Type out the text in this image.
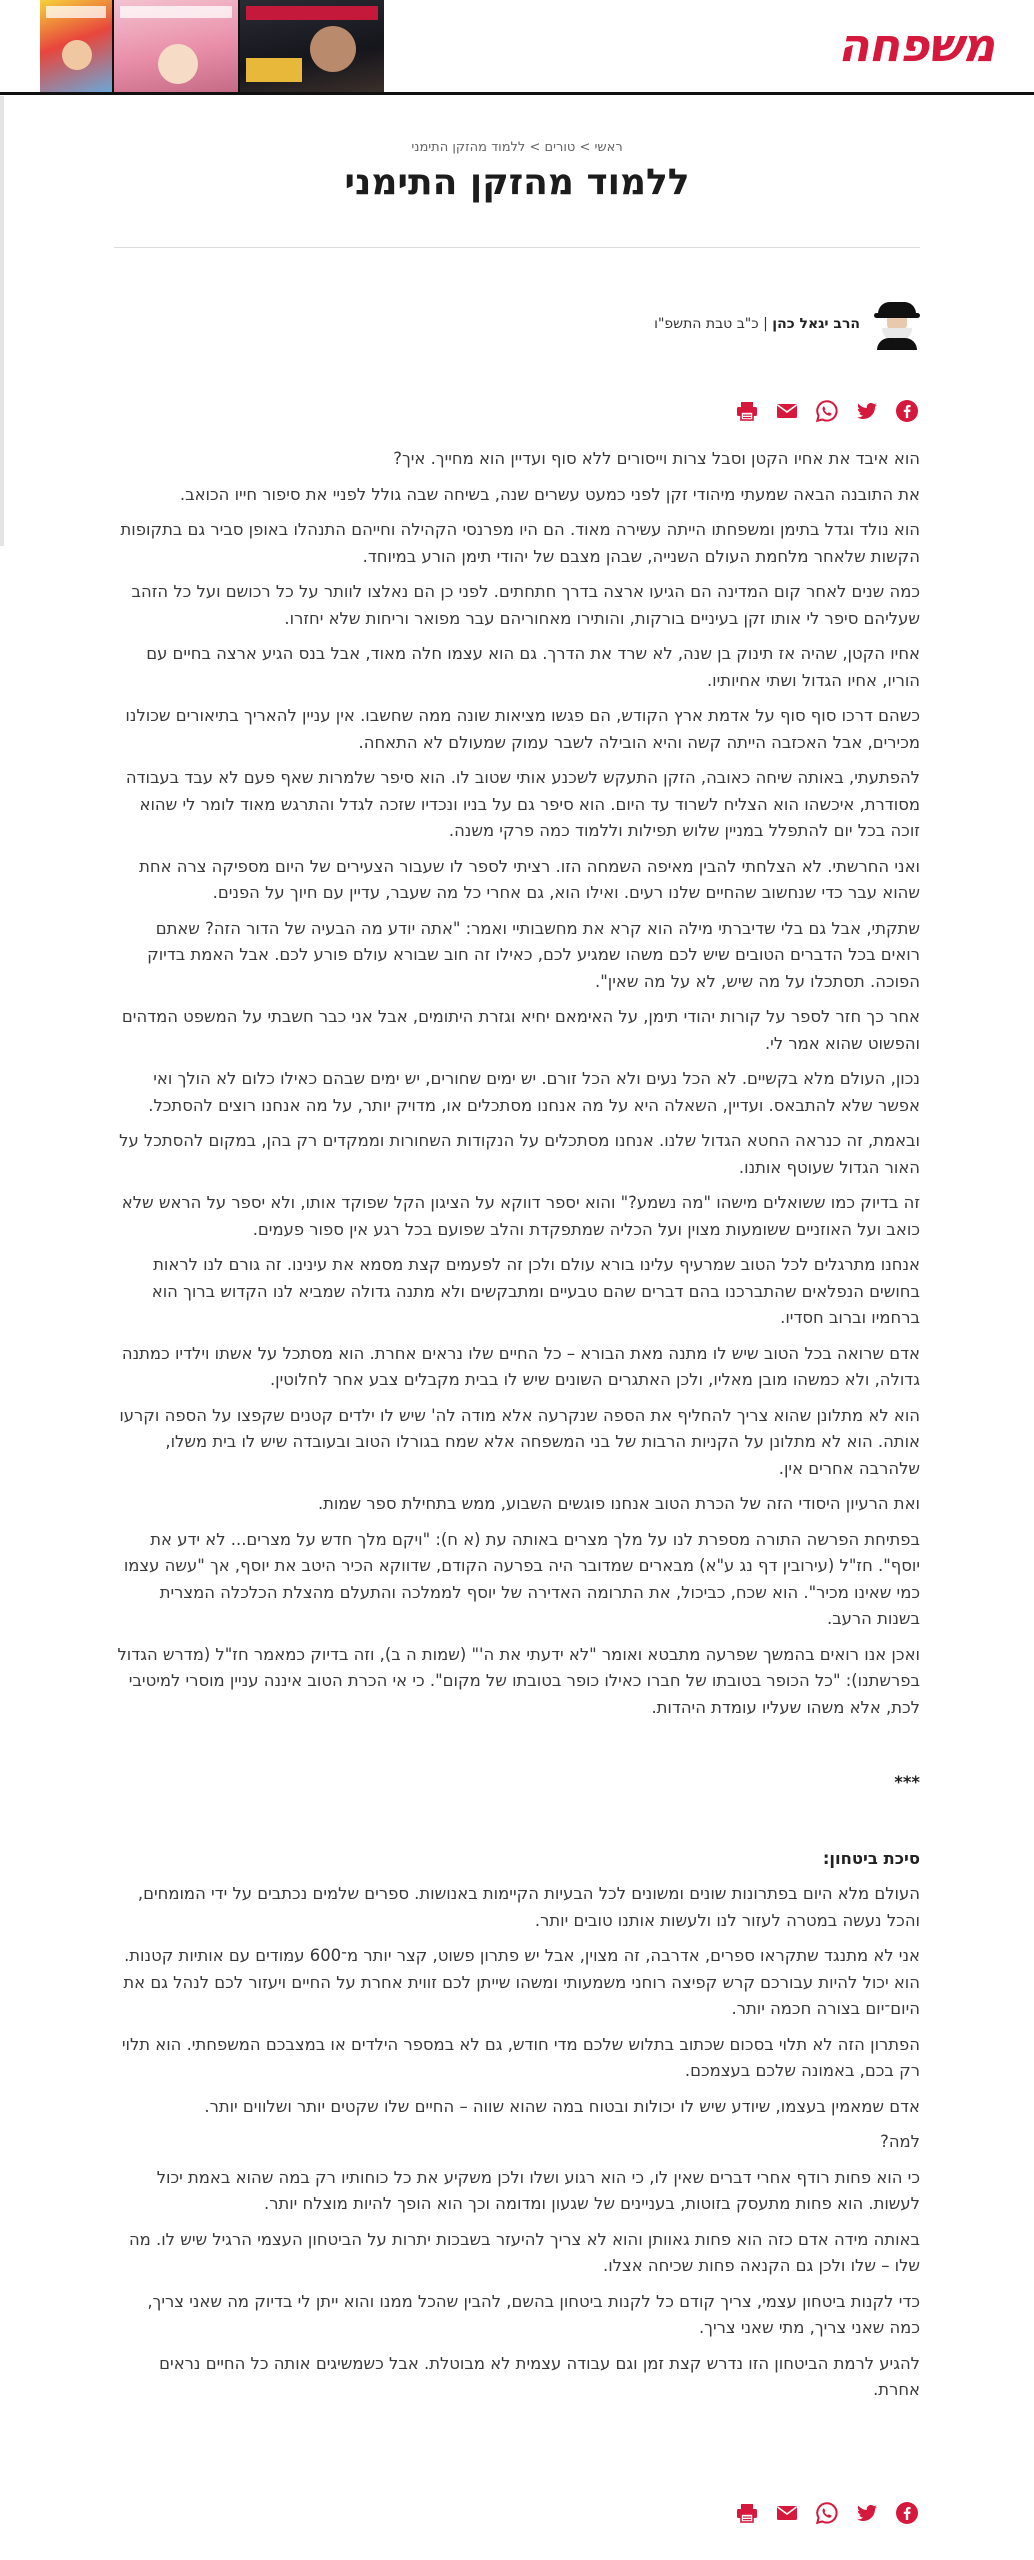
משפחה
ראשי > טורים > ללמוד מהזקן התימני
ללמוד מהזקן התימני
הרב יגאל כהן | כ"ב טבת התשפ"ו

הוא איבד את אחיו הקטן וסבל צרות וייסורים ללא סוף ועדיין הוא מחייך. איך?

את התובנה הבאה שמעתי מיהודי זקן לפני כמעט עשרים שנה, בשיחה שבה גולל לפניי את סיפור חייו הכואב.

הוא נולד וגדל בתימן ומשפחתו הייתה עשירה מאוד. הם היו מפרנסי הקהילה וחייהם התנהלו באופן סביר גם בתקופות הקשות שלאחר מלחמת העולם השנייה, שבהן מצבם של יהודי תימן הורע במיוחד.

כמה שנים לאחר קום המדינה הם הגיעו ארצה בדרך חתחתים. לפני כן הם נאלצו לוותר על כל רכושם ועל כל הזהב שעליהם סיפר לי אותו זקן בעיניים בורקות, והותירו מאחוריהם עבר מפואר וריחות שלא יחזרו.

אחיו הקטן, שהיה אז תינוק בן שנה, לא שרד את הדרך. גם הוא עצמו חלה מאוד, אבל בנס הגיע ארצה בחיים עם הוריו, אחיו הגדול ושתי אחיותיו.

כשהם דרכו סוף סוף על אדמת ארץ הקודש, הם פגשו מציאות שונה ממה שחשבו. אין עניין להאריך בתיאורים שכולנו מכירים, אבל האכזבה הייתה קשה והיא הובילה לשבר עמוק שמעולם לא התאחה.

להפתעתי, באותה שיחה כאובה, הזקן התעקש לשכנע אותי שטוב לו. הוא סיפר שלמרות שאף פעם לא עבד בעבודה מסודרת, איכשהו הוא הצליח לשרוד עד היום. הוא סיפר גם על בניו ונכדיו שזכה לגדל והתרגש מאוד לומר לי שהוא זוכה בכל יום להתפלל במניין שלוש תפילות וללמוד כמה פרקי משנה.

ואני החרשתי. לא הצלחתי להבין מאיפה השמחה הזו. רציתי לספר לו שעבור הצעירים של היום מספיקה צרה אחת שהוא עבר כדי שנחשוב שהחיים שלנו רעים. ואילו הוא, גם אחרי כל מה שעבר, עדיין עם חיוך על הפנים.

שתקתי, אבל גם בלי שדיברתי מילה הוא קרא את מחשבותיי ואמר: "אתה יודע מה הבעיה של הדור הזה? שאתם רואים בכל הדברים הטובים שיש לכם משהו שמגיע לכם, כאילו זה חוב שבורא עולם פורע לכם. אבל האמת בדיוק הפוכה. תסתכלו על מה שיש, לא על מה שאין".

אחר כך חזר לספר על קורות יהודי תימן, על האימאם יחיא וגזרת היתומים, אבל אני כבר חשבתי על המשפט המדהים והפשוט שהוא אמר לי.

נכון, העולם מלא בקשיים. לא הכל נעים ולא הכל זורם. יש ימים שחורים, יש ימים שבהם כאילו כלום לא הולך ואי אפשר שלא להתבאס. ועדיין, השאלה היא על מה אנחנו מסתכלים או, מדויק יותר, על מה אנחנו רוצים להסתכל.

ובאמת, זה כנראה החטא הגדול שלנו. אנחנו מסתכלים על הנקודות השחורות וממקדים רק בהן, במקום להסתכל על האור הגדול שעוטף אותנו.

זה בדיוק כמו ששואלים מישהו "מה נשמע?" והוא יספר דווקא על הציגון הקל שפוקד אותו, ולא יספר על הראש שלא כואב ועל האוזניים ששומעות מצוין ועל הכליה שמתפקדת והלב שפועם בכל רגע אין ספור פעמים.

אנחנו מתרגלים לכל הטוב שמרעיף עלינו בורא עולם ולכן זה לפעמים קצת מסמא את עינינו. זה גורם לנו לראות בחושים הנפלאים שהתברכנו בהם דברים שהם טבעיים ומתבקשים ולא מתנה גדולה שמביא לנו הקדוש ברוך הוא ברחמיו וברוב חסדיו.

אדם שרואה בכל הטוב שיש לו מתנה מאת הבורא – כל החיים שלו נראים אחרת. הוא מסתכל על אשתו וילדיו כמתנה גדולה, ולא כמשהו מובן מאליו, ולכן האתגרים השונים שיש לו בבית מקבלים צבע אחר לחלוטין.

הוא לא מתלונן שהוא צריך להחליף את הספה שנקרעה אלא מודה לה' שיש לו ילדים קטנים שקפצו על הספה וקרעו אותה. הוא לא מתלונן על הקניות הרבות של בני המשפחה אלא שמח בגורלו הטוב ובעובדה שיש לו בית משלו, שלהרבה אחרים אין.

ואת הרעיון היסודי הזה של הכרת הטוב אנחנו פוגשים השבוע, ממש בתחילת ספר שמות.

בפתיחת הפרשה התורה מספרת לנו על מלך מצרים באותה עת (א ח): "ויקם מלך חדש על מצרים... לא ידע את יוסף". חז"ל (עירובין דף נג ע"א) מבארים שמדובר היה בפרעה הקודם, שדווקא הכיר היטב את יוסף, אך "עשה עצמו כמי שאינו מכיר". הוא שכח, כביכול, את התרומה האדירה של יוסף לממלכה והתעלם מהצלת הכלכלה המצרית בשנות הרעב.

ואכן אנו רואים בהמשך שפרעה מתבטא ואומר "לא ידעתי את ה'" (שמות ה ב), וזה בדיוק כמאמר חז"ל (מדרש הגדול בפרשתנו): "כל הכופר בטובתו של חברו כאילו כופר בטובתו של מקום". כי אי הכרת הטוב איננה עניין מוסרי למיטיבי לכת, אלא משהו שעליו עומדת היהדות.

***

סיכת ביטחון:

העולם מלא היום בפתרונות שונים ומשונים לכל הבעיות הקיימות באנושות. ספרים שלמים נכתבים על ידי המומחים, והכל נעשה במטרה לעזור לנו ולעשות אותנו טובים יותר.

אני לא מתנגד שתקראו ספרים, אדרבה, זה מצוין, אבל יש פתרון פשוט, קצר יותר מ־600 עמודים עם אותיות קטנות. הוא יכול להיות עבורכם קרש קפיצה רוחני משמעותי ומשהו שייתן לכם זווית אחרת על החיים ויעזור לכם לנהל גם את היום־יום בצורה חכמה יותר.

הפתרון הזה לא תלוי בסכום שכתוב בתלוש שלכם מדי חודש, גם לא במספר הילדים או במצבכם המשפחתי. הוא תלוי רק בכם, באמונה שלכם בעצמכם.

אדם שמאמין בעצמו, שיודע שיש לו יכולות ובטוח במה שהוא שווה – החיים שלו שקטים יותר ושלווים יותר.

למה?

כי הוא פחות רודף אחרי דברים שאין לו, כי הוא רגוע ושלו ולכן משקיע את כל כוחותיו רק במה שהוא באמת יכול לעשות. הוא פחות מתעסק בזוטות, בעניינים של שגעון ומדומה וכך הוא הופך להיות מוצלח יותר.

באותה מידה אדם כזה הוא פחות גאוותן והוא לא צריך להיעזר בשבכות יתרות על הביטחון העצמי הרגיל שיש לו. מה שלו – שלו ולכן גם הקנאה פחות שכיחה אצלו.

כדי לקנות ביטחון עצמי, צריך קודם כל לקנות ביטחון בהשם, להבין שהכל ממנו והוא ייתן לי בדיוק מה שאני צריך, כמה שאני צריך, מתי שאני צריך.

להגיע לרמת הביטחון הזו נדרש קצת זמן וגם עבודה עצמית לא מבוטלת. אבל כשמשיגים אותה כל החיים נראים אחרת.
